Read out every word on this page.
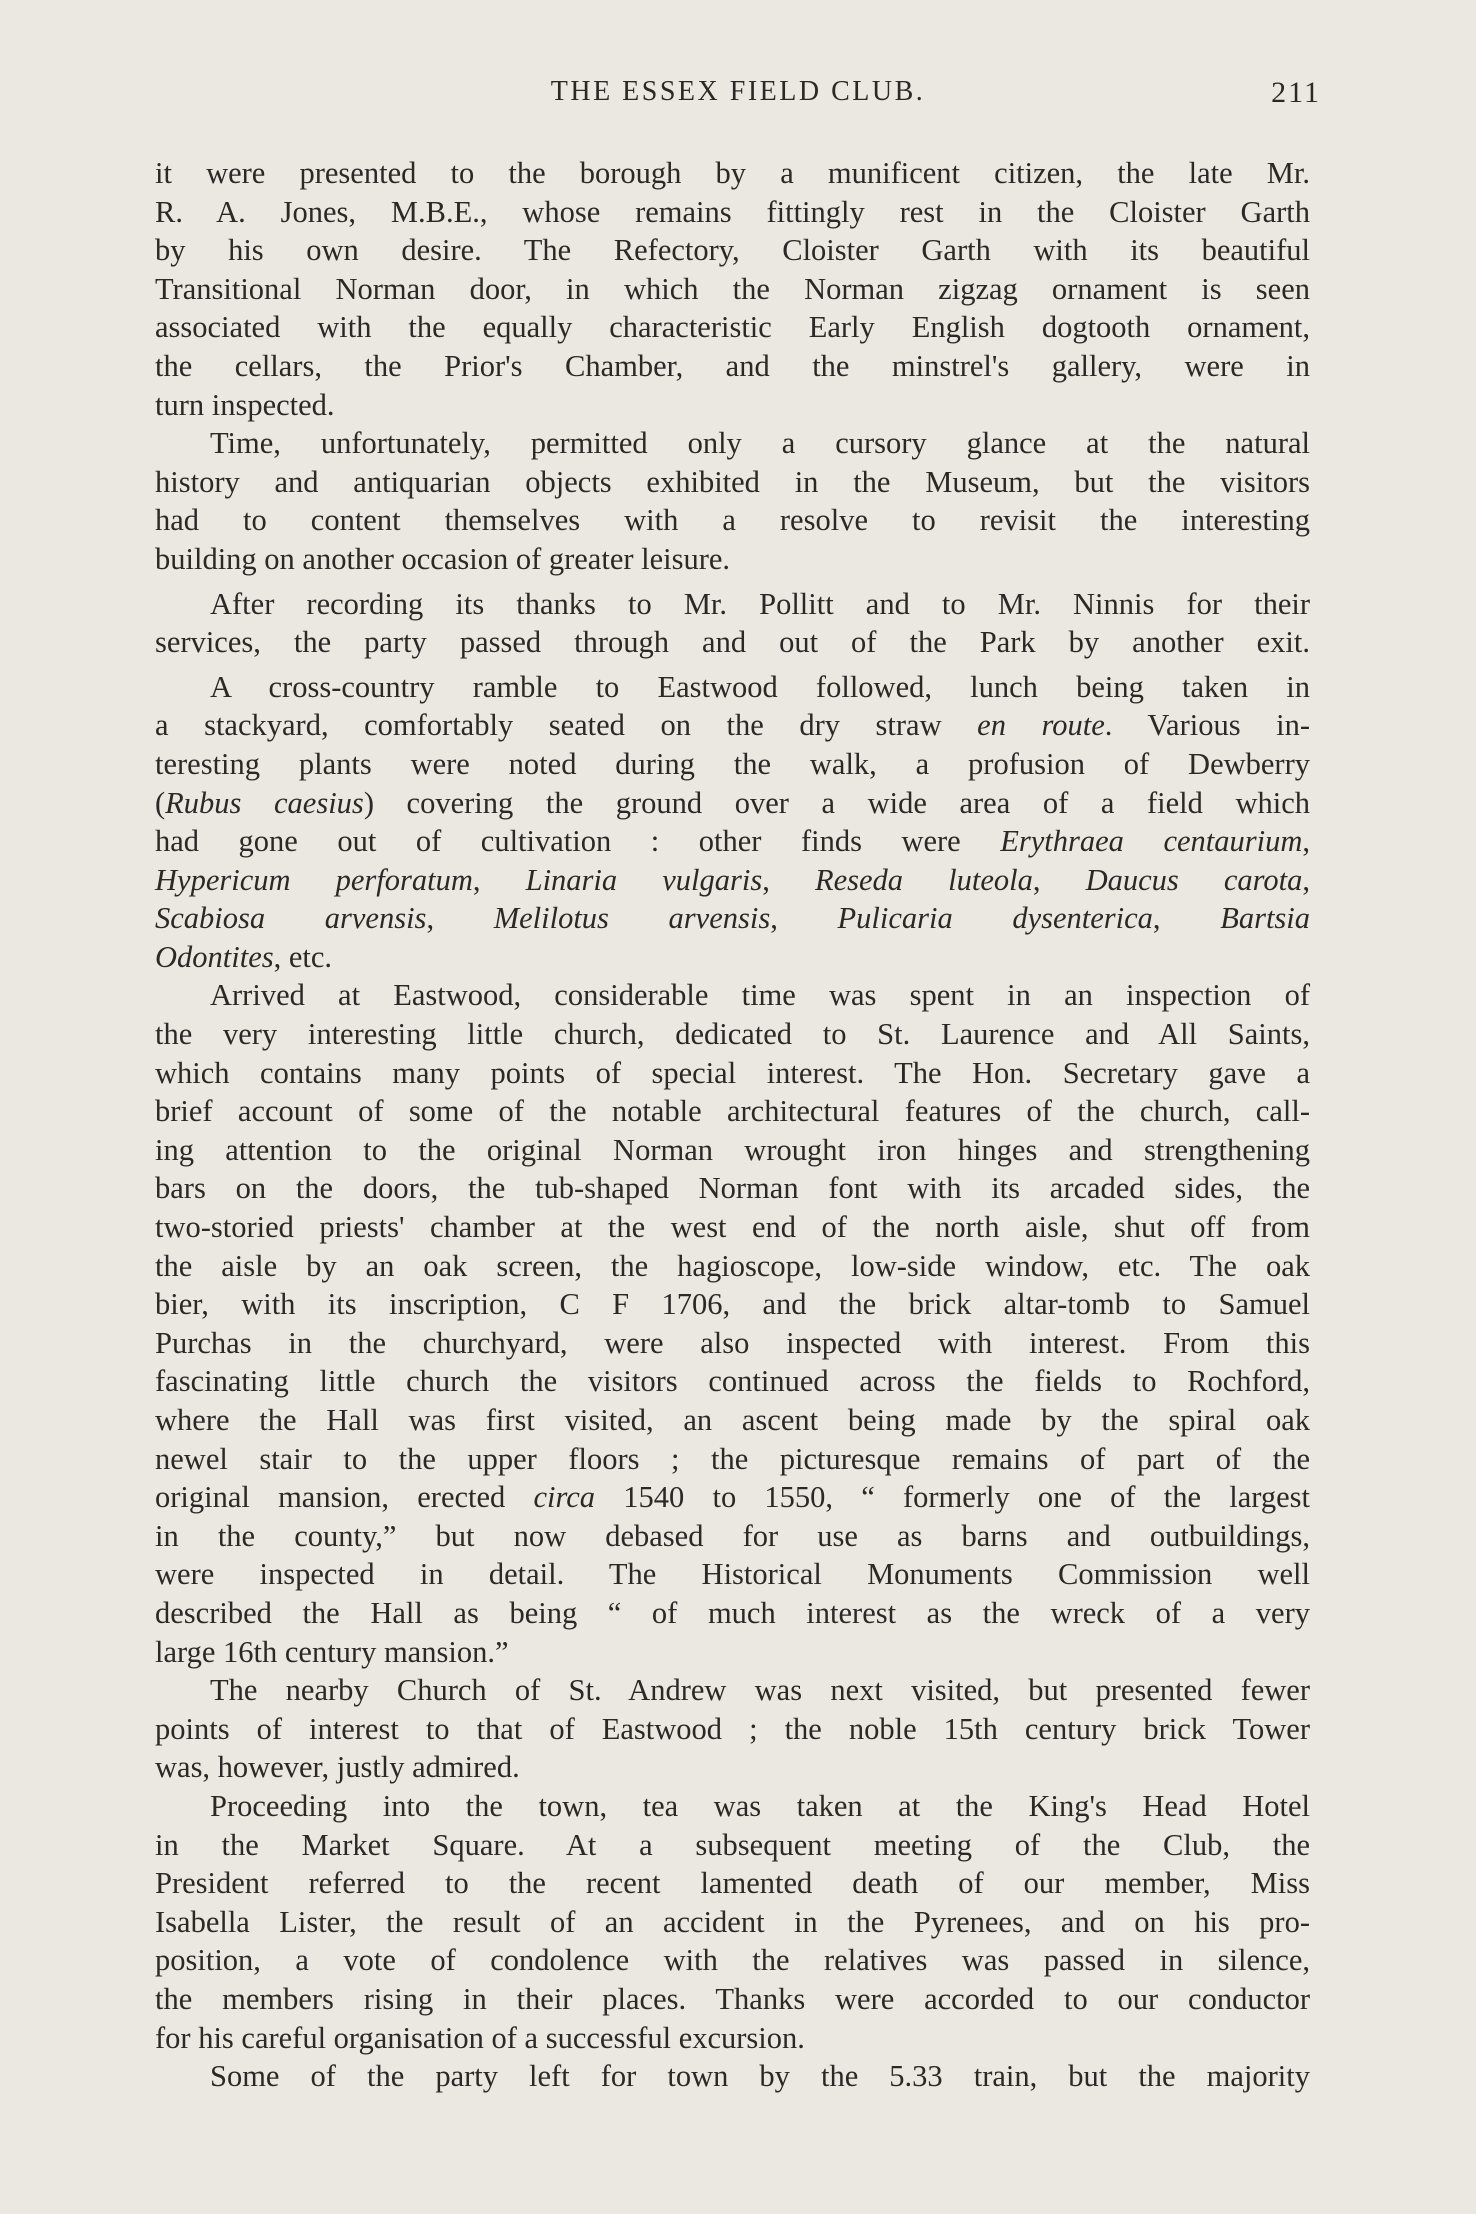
THE ESSEX FIELD CLUB.	211

it were presented to the borough by a munificent citizen, the late Mr.
R. A. Jones, M.B.E., whose remains fittingly rest in the Cloister Garth
by his own desire. The Refectory, Cloister Garth with its beautiful
Transitional Norman door, in which the Norman zigzag ornament is seen
associated with the equally characteristic Early English dogtooth ornament,
the cellars, the Prior's Chamber, and the minstrel's gallery, were in
turn inspected.

Time, unfortunately, permitted only a cursory glance at the natural
history and antiquarian objects exhibited in the Museum, but the visitors
had to content themselves with a resolve to revisit the interesting
building on another occasion of greater leisure.

After recording its thanks to Mr. Pollitt and to Mr. Ninnis for their
services, the party passed through and out of the Park by another exit.

A cross-country ramble to Eastwood followed, lunch being taken in
a stackyard, comfortably seated on the dry straw en route. Various in-
teresting plants were noted during the walk, a profusion of Dewberry
(Rubus caesius) covering the ground over a wide area of a field which
had gone out of cultivation : other finds were Erythraea centaurium,
Hypericum perforatum, Linaria vulgaris, Reseda luteola, Daucus carota,
Scabiosa arvensis, Melilotus arvensis, Pulicaria dysenterica, Bartsia
Odontites, etc.

Arrived at Eastwood, considerable time was spent in an inspection of
the very interesting little church, dedicated to St. Laurence and All Saints,
which contains many points of special interest. The Hon. Secretary gave a
brief account of some of the notable architectural features of the church, call-
ing attention to the original Norman wrought iron hinges and strengthening
bars on the doors, the tub-shaped Norman font with its arcaded sides, the
two-storied priests' chamber at the west end of the north aisle, shut off from
the aisle by an oak screen, the hagioscope, low-side window, etc. The oak
bier, with its inscription, C F 1706, and the brick altar-tomb to Samuel
Purchas in the churchyard, were also inspected with interest. From this
fascinating little church the visitors continued across the fields to Rochford,
where the Hall was first visited, an ascent being made by the spiral oak
newel stair to the upper floors ; the picturesque remains of part of the
original mansion, erected circa 1540 to 1550, “ formerly one of the largest
in the county,” but now debased for use as barns and outbuildings,
were inspected in detail. The Historical Monuments Commission well
described the Hall as being “ of much interest as the wreck of a very
large 16th century mansion.”

The nearby Church of St. Andrew was next visited, but presented fewer
points of interest to that of Eastwood ; the noble 15th century brick Tower
was, however, justly admired.

Proceeding into the town, tea was taken at the King's Head Hotel
in the Market Square. At a subsequent meeting of the Club, the
President referred to the recent lamented death of our member, Miss
Isabella Lister, the result of an accident in the Pyrenees, and on his pro-
position, a vote of condolence with the relatives was passed in silence,
the members rising in their places. Thanks were accorded to our conductor
for his careful organisation of a successful excursion.

Some of the party left for town by the 5.33 train, but the majority
